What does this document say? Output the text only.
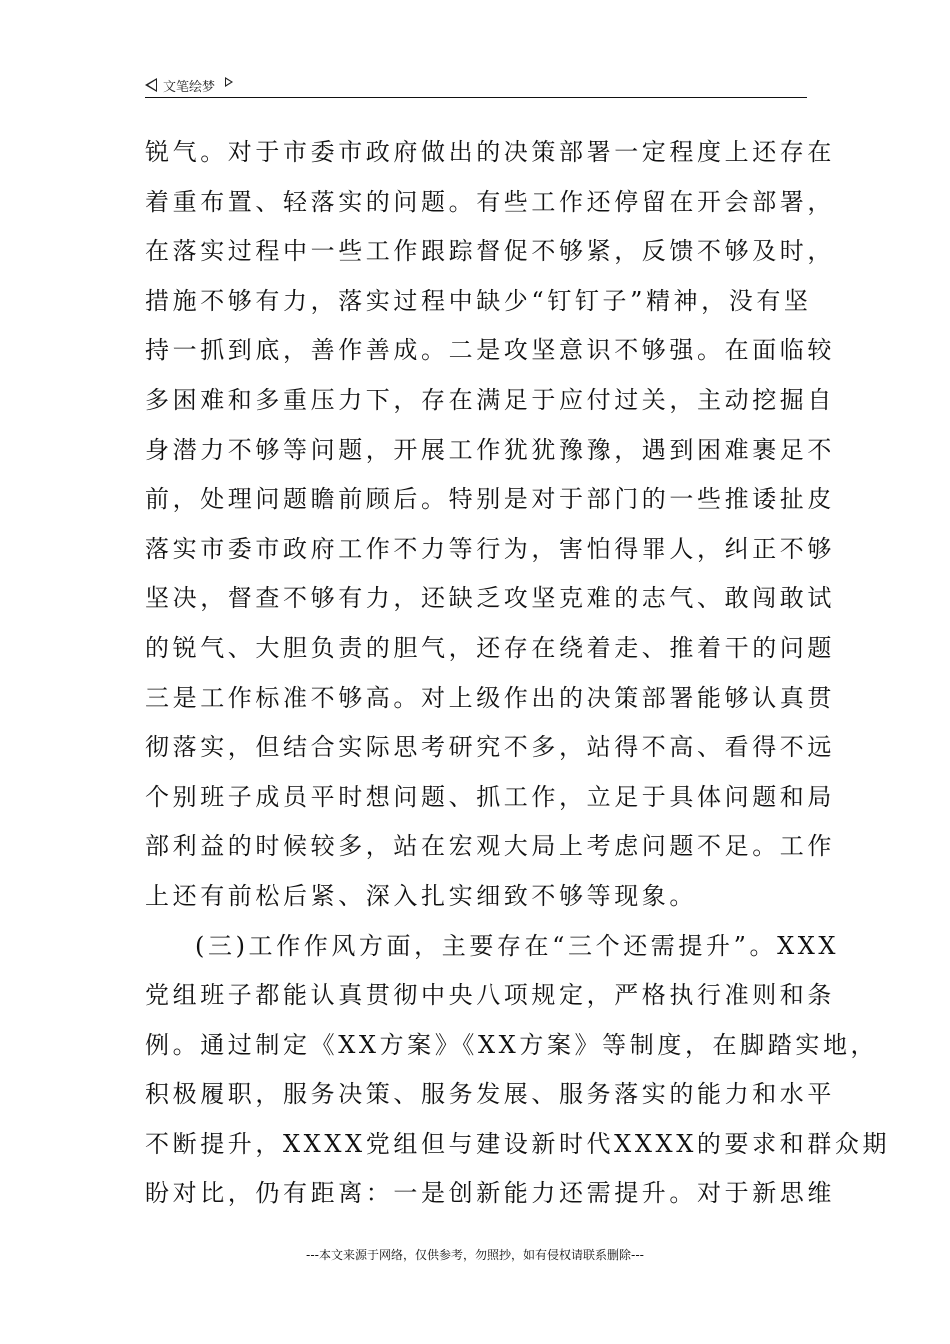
文笔绘梦
锐气。对于市委市政府做出的决策部署一定程度上还存在
着重布置、轻落实的问题。有些工作还停留在开会部署，
在落实过程中一些工作跟踪督促不够紧，反馈不够及时，
措施不够有力，落实过程中缺少“钉钉子”精神，没有坚
持一抓到底，善作善成。二是攻坚意识不够强。在面临较
多困难和多重压力下，存在满足于应付过关，主动挖掘自
身潜力不够等问题，开展工作犹犹豫豫，遇到困难裹足不
前，处理问题瞻前顾后。特别是对于部门的一些推诿扯皮
落实市委市政府工作不力等行为，害怕得罪人，纠正不够
坚决，督查不够有力，还缺乏攻坚克难的志气、敢闯敢试
的锐气、大胆负责的胆气，还存在绕着走、推着干的问题
三是工作标准不够高。对上级作出的决策部署能够认真贯
彻落实，但结合实际思考研究不多，站得不高、看得不远
个别班子成员平时想问题、抓工作，立足于具体问题和局
部利益的时候较多，站在宏观大局上考虑问题不足。工作
上还有前松后紧、深入扎实细致不够等现象。
(三)工作作风方面，主要存在“三个还需提升”。XXX
党组班子都能认真贯彻中央八项规定，严格执行准则和条
例。通过制定《XX方案》《XX方案》等制度，在脚踏实地，
积极履职，服务决策、服务发展、服务落实的能力和水平
不断提升，XXXX党组但与建设新时代XXXX的要求和群众期
盼对比，仍有距离：一是创新能力还需提升。对于新思维
---本文来源于网络，仅供参考，勿照抄，如有侵权请联系删除---
